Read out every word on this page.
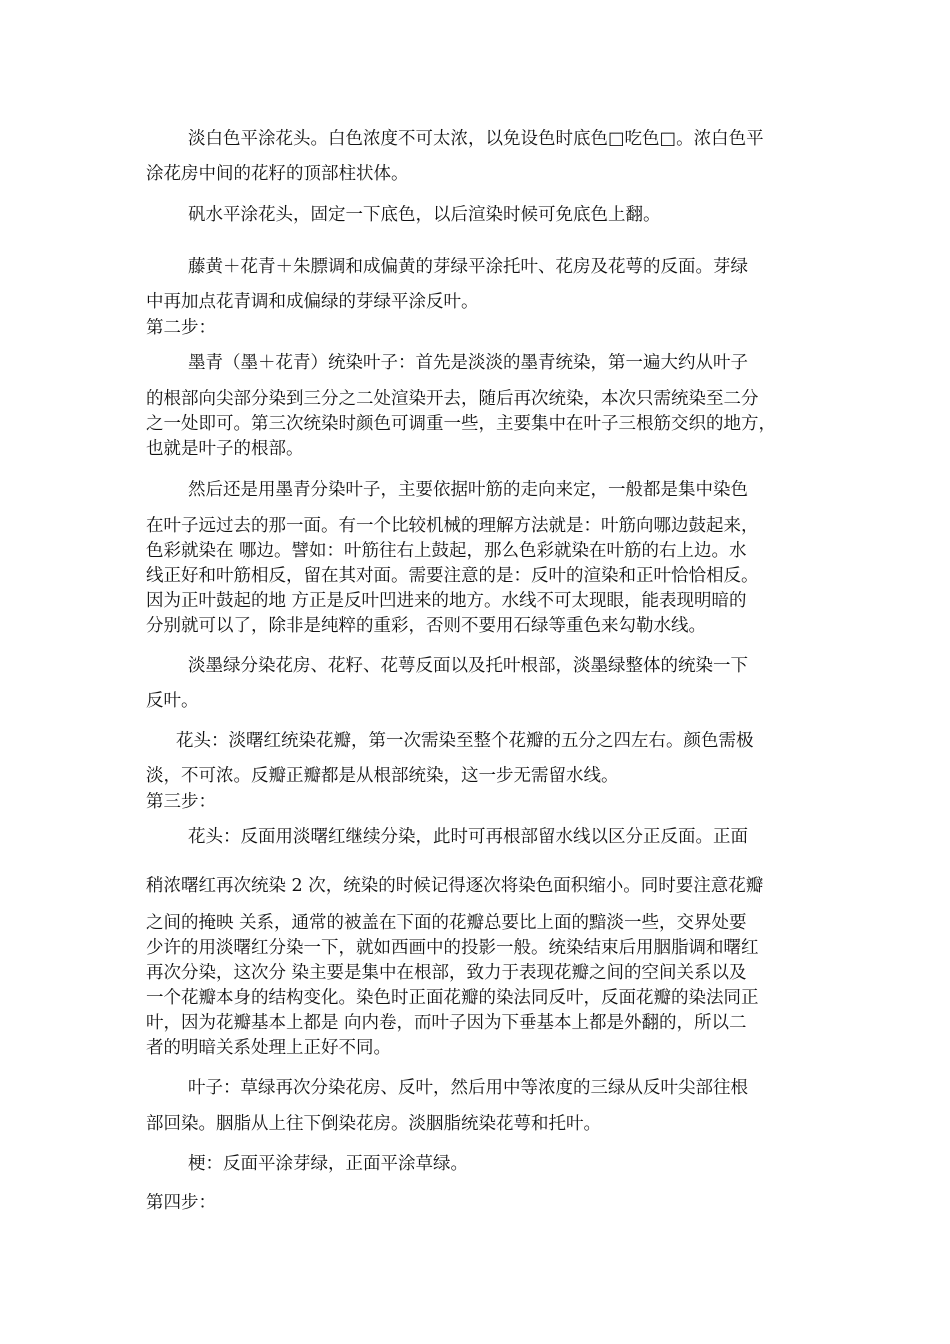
淡白色平涂花头。白色浓度不可太浓，以免设色时底色□吃色□。浓白色平
涂花房中间的花籽的顶部柱状体。
矾水平涂花头，固定一下底色，以后渲染时候可免底色上翻。
藤黄＋花青＋朱膘调和成偏黄的芽绿平涂托叶、花房及花萼的反面。芽绿
中再加点花青调和成偏绿的芽绿平涂反叶。
第二步：
墨青（墨＋花青）统染叶子：首先是淡淡的墨青统染，第一遍大约从叶子
的根部向尖部分染到三分之二处渲染开去，随后再次统染，本次只需统染至二分
之一处即可。第三次统染时颜色可调重一些，主要集中在叶子三根筋交织的地方，
也就是叶子的根部。
然后还是用墨青分染叶子，主要依据叶筋的走向来定，一般都是集中染色
在叶子远过去的那一面。有一个比较机械的理解方法就是：叶筋向哪边鼓起来，
色彩就染在 哪边。譬如：叶筋往右上鼓起，那么色彩就染在叶筋的右上边。水
线正好和叶筋相反，留在其对面。需要注意的是：反叶的渲染和正叶恰恰相反。
因为正叶鼓起的地 方正是反叶凹进来的地方。水线不可太现眼，能表现明暗的
分别就可以了，除非是纯粹的重彩，否则不要用石绿等重色来勾勒水线。
淡墨绿分染花房、花籽、花萼反面以及托叶根部，淡墨绿整体的统染一下
反叶。
花头：淡曙红统染花瓣，第一次需染至整个花瓣的五分之四左右。颜色需极
淡，不可浓。反瓣正瓣都是从根部统染，这一步无需留水线。
第三步：
花头：反面用淡曙红继续分染，此时可再根部留水线以区分正反面。正面
稍浓曙红再次统染 2 次，统染的时候记得逐次将染色面积缩小。同时要注意花瓣
之间的掩映 关系，通常的被盖在下面的花瓣总要比上面的黯淡一些，交界处要
少许的用淡曙红分染一下，就如西画中的投影一般。统染结束后用胭脂调和曙红
再次分染，这次分 染主要是集中在根部，致力于表现花瓣之间的空间关系以及
一个花瓣本身的结构变化。染色时正面花瓣的染法同反叶，反面花瓣的染法同正
叶，因为花瓣基本上都是 向内卷，而叶子因为下垂基本上都是外翻的，所以二
者的明暗关系处理上正好不同。
叶子：草绿再次分染花房、反叶，然后用中等浓度的三绿从反叶尖部往根
部回染。胭脂从上往下倒染花房。淡胭脂统染花萼和托叶。
梗：反面平涂芽绿，正面平涂草绿。
第四步：
